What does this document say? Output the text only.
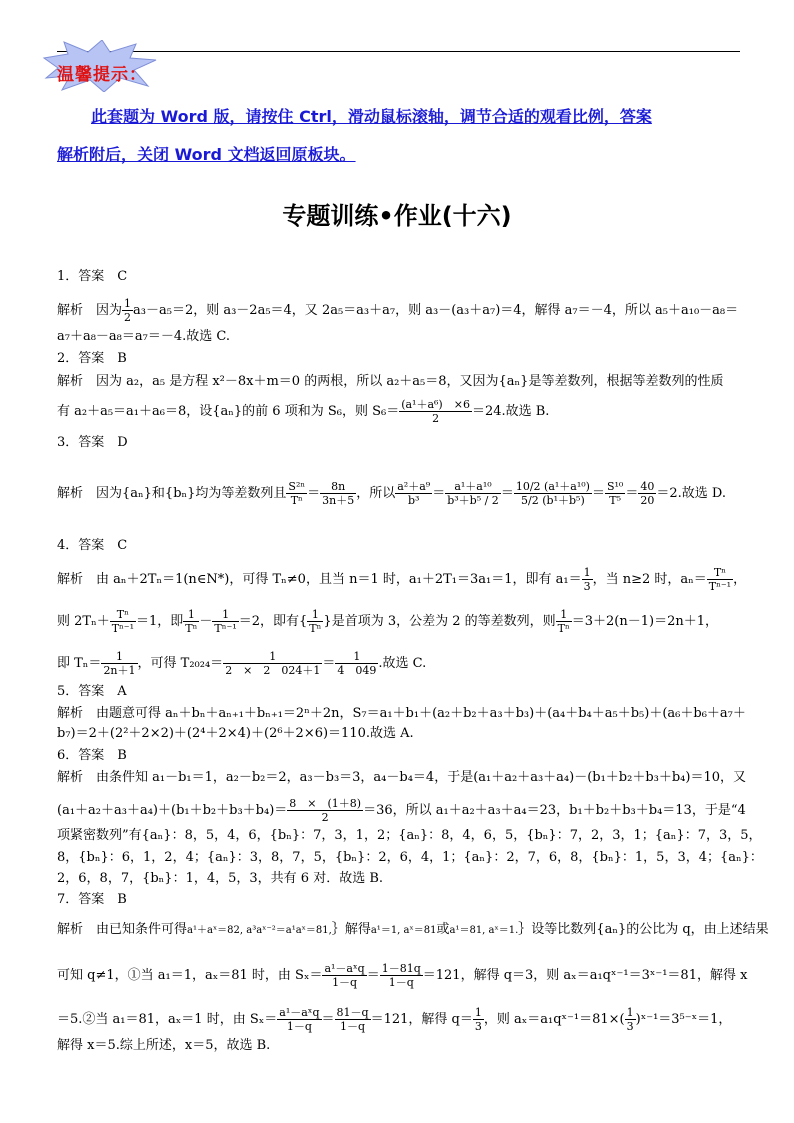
温馨提示：
此套题为 Word 版，请按住 Ctrl，滑动鼠标滚轴，调节合适的观看比例，答案
解析附后，关闭 Word 文档返回原板块。
专题训练•作业(十六)
1．答案　C
解析　因为 $\frac{1}{2} a_3-a_5=2$，则 a₃－2a₅＝4，又 2a₅＝a₃＋a₇，则 a₃－(a₃＋a₇)＝4，解得 a₇＝－4，所以 a₅＋a₁₀－a₈＝
a₇＋a₈－a₈＝a₇＝－4.故选 C.
2．答案　B
解析　因为 a₂，a₅ 是方程 x²－8x＋m＝0 的两根，所以 a₂＋a₅＝8，又因为{aₙ}是等差数列，根据等差数列的性质
有 a₂＋a₅＝a₁＋a₆＝8，设{aₙ}的前 6 项和为 S₆，则 $S_6= \frac{\text{(a¹＋a⁶)　×6}}{2} =24$.故选 B.
3．答案　D
解析　因为{aₙ}和{bₙ}均为等差数列且 $\frac{\text{S²ⁿ}}{\text{Tⁿ}} = \frac{8n}{3n+5}$ ，所以 $\frac{\text{a²＋a⁹}}{\text{b³}} = \frac{\text{a¹＋a¹⁰}}{\text{b³＋b⁵ / 2}} = \frac{\text{10/2 (a¹＋a¹⁰)}}{\text{5/2 (b¹＋b⁵)}} = \frac{\text{S¹⁰}}{\text{T⁵}} = \frac{40}{20} =2$.故选 D.
4．答案　C
解析　由 aₙ＋2Tₙ＝1(n∈N*)，可得 Tₙ≠0，且当 n＝1 时，a₁＋2T₁＝3a₁＝1，即有 $a_1= \frac{1}{3}$ ，当 n≥2 时，$a_n= \frac{\text{Tⁿ}}{\text{Tⁿ⁻¹}}$ ，
则 $2T_n+ \frac{\text{Tⁿ}}{\text{Tⁿ⁻¹}} =1$，即 $\frac{1}{\text{Tⁿ}} - \frac{1}{\text{Tⁿ⁻¹}} =2$，即有{ $\frac{1}{\text{Tⁿ}}$ }是首项为 3，公差为 2 的等差数列，则 $\frac{1}{\text{Tⁿ}} =3+2(n-1)=2n+1$，
即 $T_n= \frac{1}{2n+1}$ ，可得 $T_{2024}= \frac{1}{2 \times 2 024+1} = \frac{1}{4 049}$ .故选 C.
5．答案　A
解析　由题意可得 aₙ＋bₙ＋aₙ₊₁＋bₙ₊₁＝2ⁿ＋2n，S₇＝a₁＋b₁＋(a₂＋b₂＋a₃＋b₃)＋(a₄＋b₄＋a₅＋b₅)＋(a₆＋b₆＋a₇＋
b₇)＝2＋(2²＋2×2)＋(2⁴＋2×4)＋(2⁶＋2×6)＝110.故选 A.
6．答案　B
解析　由条件知 a₁－b₁＝1，a₂－b₂＝2，a₃－b₃＝3，a₄－b₄＝4，于是(a₁＋a₂＋a₃＋a₄)－(b₁＋b₂＋b₃＋b₄)＝10，又
$(a_1+a_2+a_3+a_4)+(b_1+b_2+b_3+b_4)= \frac{8 \times (1+8)}{2} =36$，所以 a₁＋a₂＋a₃＋a₄＝23，b₁＋b₂＋b₃＋b₄＝13，于是“4
项紧密数列”有{aₙ}：8，5，4，6，{bₙ}：7，3，1，2；{aₙ}：8，4，6，5，{bₙ}：7，2，3，1；{aₙ}：7，3，5，
8，{bₙ}：6，1，2，4；{aₙ}：3，8，7，5，{bₙ}：2，6，4，1；{aₙ}：2，7，6，8，{bₙ}：1，5，3，4；{aₙ}：
2，6，8，7，{bₙ}：1，4，5，3，共有 6 对．故选 B.
7．答案　B
解析　由已知条件可得a¹＋aˣ＝82, a³aˣ⁻²＝a¹aˣ＝81,｝解得a¹＝1, aˣ＝81或a¹＝81, aˣ＝1.｝设等比数列{aₙ}的公比为 q，由上述结果
可知 q≠1，①当 a₁＝1，aₓ＝81 时，由 $S_x= \frac{\text{a¹－aˣq}}{1-q} = \frac{1-81q}{1-q} =121$，解得 q＝3，则 aₓ＝a₁qˣ⁻¹＝3ˣ⁻¹＝81，解得 x
＝5.②当 a₁＝81，aₓ＝1 时，由 $S_x= \frac{\text{a¹－aˣq}}{1-q} = \frac{81-q}{1-q} =121$，解得 $q= \frac{1}{3}$ ，则 aₓ＝a₁qˣ⁻¹＝81×( $\frac{1}{3}$ )ˣ⁻¹＝3⁵⁻ˣ＝1，
解得 x＝5.综上所述，x＝5，故选 B.
